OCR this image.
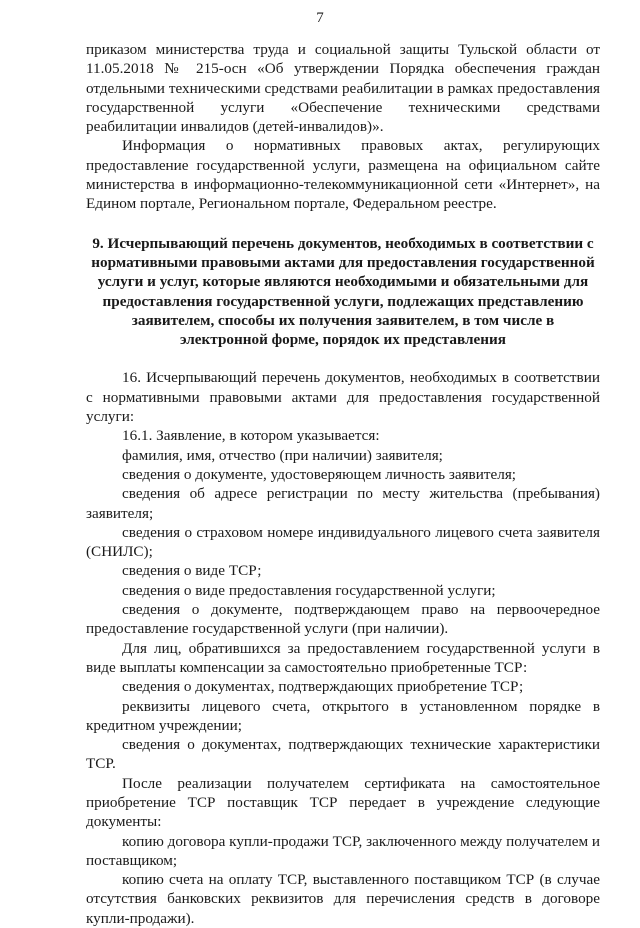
7

приказом министерства труда и социальной защиты Тульской области от 11.05.2018 № 215-осн «Об утверждении Порядка обеспечения граждан отдельными техническими средствами реабилитации в рамках предоставления государственной услуги «Обеспечение техническими средствами реабилитации инвалидов (детей-инвалидов)».

Информация о нормативных правовых актах, регулирующих предоставление государственной услуги, размещена на официальном сайте министерства в информационно-телекоммуникационной сети «Интернет», на Едином портале, Региональном портале, Федеральном реестре.

9. Исчерпывающий перечень документов, необходимых в соответствии с нормативными правовыми актами для предоставления государственной услуги и услуг, которые являются необходимыми и обязательными для предоставления государственной услуги, подлежащих представлению заявителем, способы их получения заявителем, в том числе в электронной форме, порядок их представления

16. Исчерпывающий перечень документов, необходимых в соответствии с нормативными правовыми актами для предоставления государственной услуги:

16.1. Заявление, в котором указывается:

фамилия, имя, отчество (при наличии) заявителя;

сведения о документе, удостоверяющем личность заявителя;

сведения об адресе регистрации по месту жительства (пребывания) заявителя;

сведения о страховом номере индивидуального лицевого счета заявителя (СНИЛС);

сведения о виде ТСР;

сведения о виде предоставления государственной услуги;

сведения о документе, подтверждающем право на первоочередное предоставление государственной услуги (при наличии).

Для лиц, обратившихся за предоставлением государственной услуги в виде выплаты компенсации за самостоятельно приобретенные ТСР:

сведения о документах, подтверждающих приобретение ТСР;

реквизиты лицевого счета, открытого в установленном порядке в кредитном учреждении;

сведения о документах, подтверждающих технические характеристики ТСР.

После реализации получателем сертификата на самостоятельное приобретение ТСР поставщик ТСР передает в учреждение следующие документы:

копию договора купли-продажи ТСР, заключенного между получателем и поставщиком;

копию счета на оплату ТСР, выставленного поставщиком ТСР (в случае отсутствия банковских реквизитов для перечисления средств в договоре купли-продажи).
